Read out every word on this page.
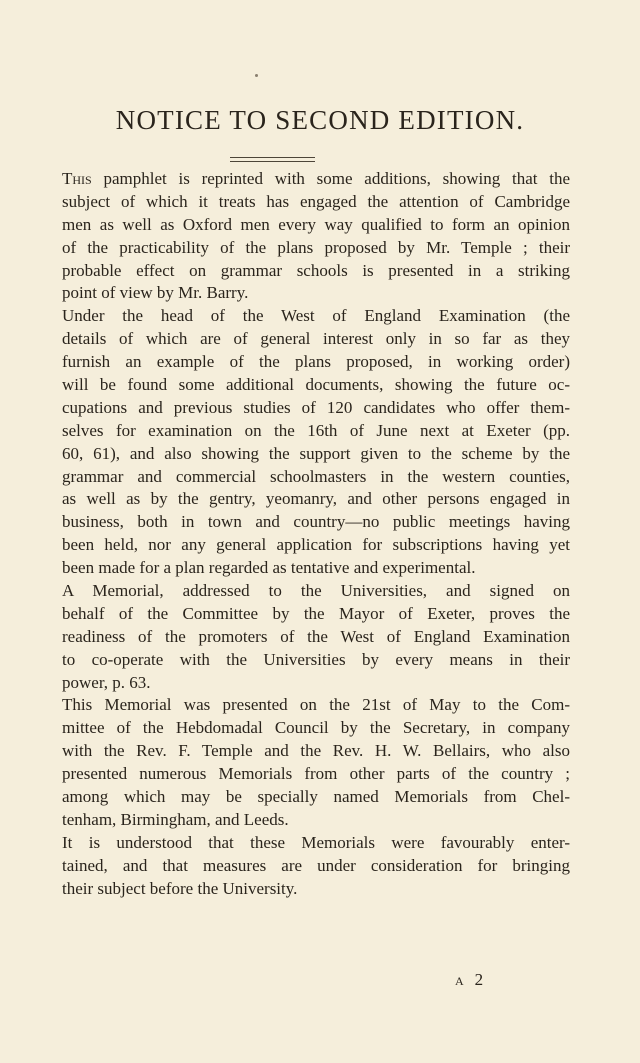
NOTICE TO SECOND EDITION.
This pamphlet is reprinted with some additions, showing that the
subject of which it treats has engaged the attention of Cambridge
men as well as Oxford men every way qualified to form an opinion
of the practicability of the plans proposed by Mr. Temple ; their
probable effect on grammar schools is presented in a striking
point of view by Mr. Barry.
Under the head of the West of England Examination (the
details of which are of general interest only in so far as they
furnish an example of the plans proposed, in working order)
will be found some additional documents, showing the future oc-
cupations and previous studies of 120 candidates who offer them-
selves for examination on the 16th of June next at Exeter (pp.
60, 61), and also showing the support given to the scheme by the
grammar and commercial schoolmasters in the western counties,
as well as by the gentry, yeomanry, and other persons engaged in
business, both in town and country—no public meetings having
been held, nor any general application for subscriptions having yet
been made for a plan regarded as tentative and experimental.
A Memorial, addressed to the Universities, and signed on
behalf of the Committee by the Mayor of Exeter, proves the
readiness of the promoters of the West of England Examination
to co-operate with the Universities by every means in their
power, p. 63.
This Memorial was presented on the 21st of May to the Com-
mittee of the Hebdomadal Council by the Secretary, in company
with the Rev. F. Temple and the Rev. H. W. Bellairs, who also
presented numerous Memorials from other parts of the country ;
among which may be specially named Memorials from Chel-
tenham, Birmingham, and Leeds.
It is understood that these Memorials were favourably enter-
tained, and that measures are under consideration for bringing
their subject before the University.
A 2
